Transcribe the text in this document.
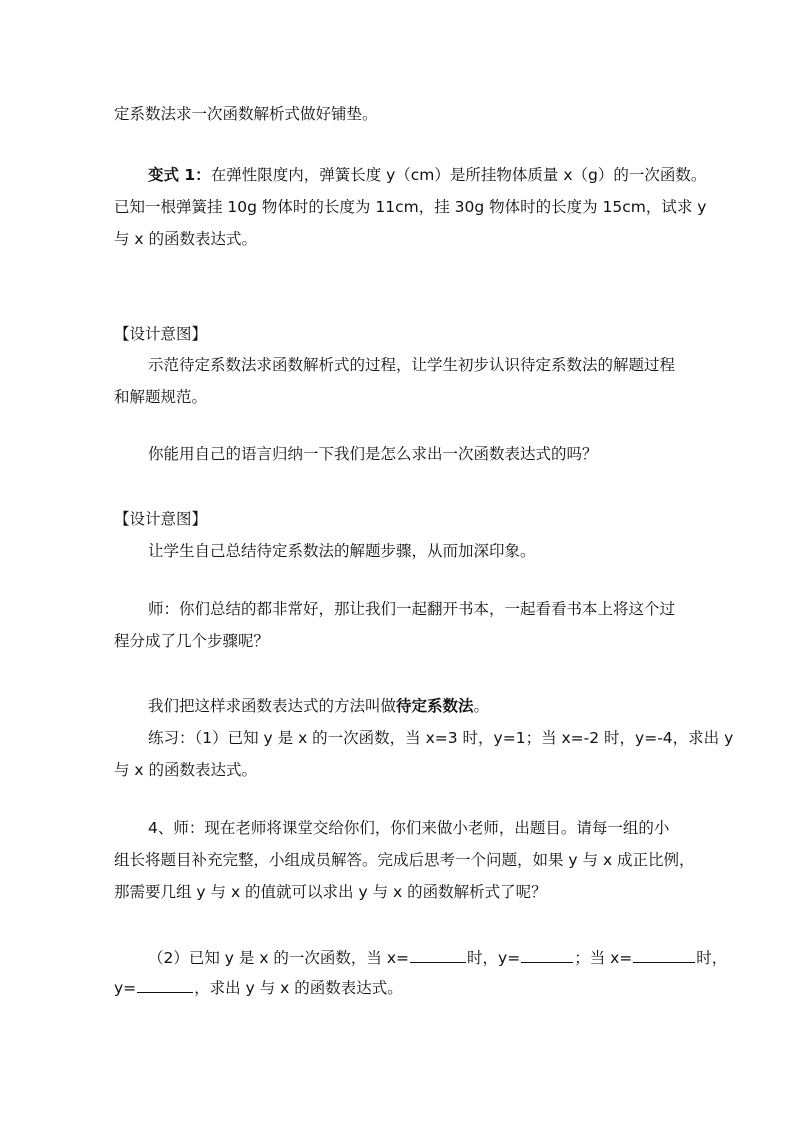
定系数法求一次函数解析式做好铺垫。
变式 1：在弹性限度内，弹簧长度 y（cm）是所挂物体质量 x（g）的一次函数。
已知一根弹簧挂 10g 物体时的长度为 11cm，挂 30g 物体时的长度为 15cm，试求 y
与 x 的函数表达式。
【设计意图】
示范待定系数法求函数解析式的过程，让学生初步认识待定系数法的解题过程
和解题规范。
你能用自己的语言归纳一下我们是怎么求出一次函数表达式的吗？
【设计意图】
让学生自己总结待定系数法的解题步骤，从而加深印象。
师：你们总结的都非常好，那让我们一起翻开书本，一起看看书本上将这个过
程分成了几个步骤呢？
我们把这样求函数表达式的方法叫做待定系数法。
练习：（1）已知 y 是 x 的一次函数，当 x=3 时，y=1；当 x=-2 时，y=-4，求出 y
与 x 的函数表达式。
4、师：现在老师将课堂交给你们，你们来做小老师，出题目。请每一组的小
组长将题目补充完整，小组成员解答。完成后思考一个问题，如果 y 与 x 成正比例，
那需要几组 y 与 x 的值就可以求出 y 与 x 的函数解析式了呢？
（2）已知 y 是 x 的一次函数，当 x=	时，y=	；当 x=	时，
y=	，求出 y 与 x 的函数表达式。
